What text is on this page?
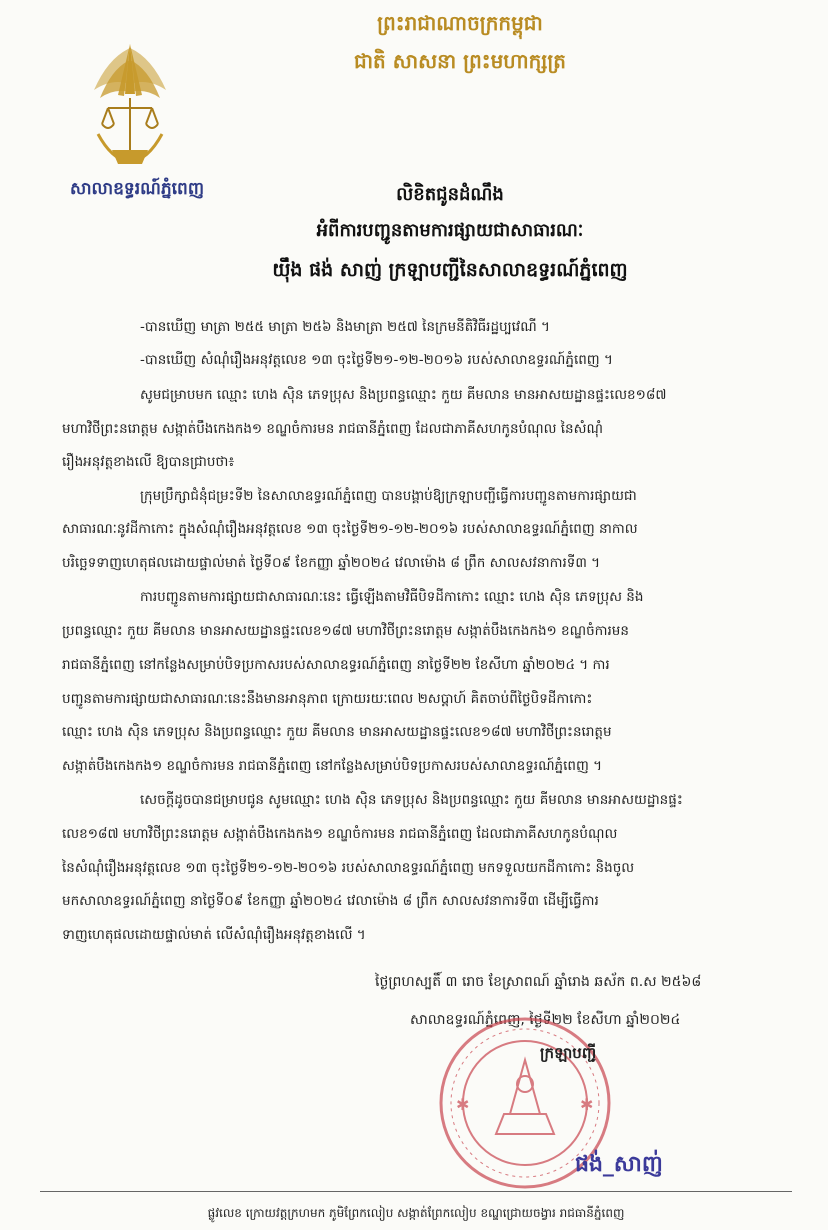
ព្រះរាជាណាចក្រកម្ពុជា
ជាតិ សាសនា ព្រះមហាក្សត្រ
សាលាឧទ្ធរណ៍ភ្នំពេញ	លិខិតជូនដំណឹង
អំពីការបញ្ជូនតាមការផ្សាយជាសាធារណៈ
យ៉ឹង ផង់ សាញ់ ក្រឡាបញ្ជីនៃសាលាឧទ្ធរណ៍ភ្នំពេញ
-បានឃើញ មាត្រា ២៥៥ មាត្រា ២៥៦ និងមាត្រា ២៥៧ នៃក្រមនីតិវិធីរដ្ឋប្បវេណី ។
-បានឃើញ សំណុំរឿងអនុវត្តលេខ ១៣ ចុះថ្ងៃទី២១-១២-២០១៦ របស់សាលាឧទ្ធរណ៍ភ្នំពេញ ។
សូមជម្រាបមក ឈ្មោះ ហេង ស៊ិន ភេទប្រុស និងប្រពន្ធឈ្មោះ កួយ គីមលាន មានអាសយដ្ឋានផ្ទះលេខ១៨៧
មហាវិថីព្រះនរោត្តម សង្កាត់បឹងកេងកង១ ខណ្ឌចំការមន រាជធានីភ្នំពេញ ដែលជាភាគីសហកូនបំណុល នៃសំណុំ
រឿងអនុវត្តខាងលើ ឱ្យបានជ្រាបថា៖
ក្រុមប្រឹក្សាជំនុំជម្រះទី២ នៃសាលាឧទ្ធរណ៍ភ្នំពេញ បានបង្គាប់ឱ្យក្រឡាបញ្ជីធ្វើការបញ្ជូនតាមការផ្សាយជា
សាធារណៈនូវដីកាកោះ ក្នុងសំណុំរឿងអនុវត្តលេខ ១៣ ចុះថ្ងៃទី២១-១២-២០១៦ របស់សាលាឧទ្ធរណ៍ភ្នំពេញ នាកាល
បរិច្ឆេទទាញហេតុផលដោយផ្ទាល់មាត់ ថ្ងៃទី០៩ ខែកញ្ញា ឆ្នាំ២០២៤ វេលាម៉ោង ៨ ព្រឹក សាលសវនាការទី៣ ។
ការបញ្ជូនតាមការផ្សាយជាសាធារណៈនេះ ធ្វើឡើងតាមវិធីបិទដីកាកោះ ឈ្មោះ ហេង ស៊ិន ភេទប្រុស និង
ប្រពន្ធឈ្មោះ កួយ គីមលាន មានអាសយដ្ឋានផ្ទះលេខ១៨៧ មហាវិថីព្រះនរោត្តម សង្កាត់បឹងកេងកង១ ខណ្ឌចំការមន
រាជធានីភ្នំពេញ នៅកន្លែងសម្រាប់បិទប្រកាសរបស់សាលាឧទ្ធរណ៍ភ្នំពេញ នាថ្ងៃទី២២ ខែសីហា ឆ្នាំ២០២៤ ។ ការ
បញ្ជូនតាមការផ្សាយជាសាធារណៈនេះនឹងមានអានុភាព ក្រោយរយៈពេល ២សប្តាហ៍ គិតចាប់ពីថ្ងៃបិទដីកាកោះ
ឈ្មោះ ហេង ស៊ិន ភេទប្រុស និងប្រពន្ធឈ្មោះ កួយ គីមលាន មានអាសយដ្ឋានផ្ទះលេខ១៨៧ មហាវិថីព្រះនរោត្តម
សង្កាត់បឹងកេងកង១ ខណ្ឌចំការមន រាជធានីភ្នំពេញ នៅកន្លែងសម្រាប់បិទប្រកាសរបស់សាលាឧទ្ធរណ៍ភ្នំពេញ ។
សេចក្តីដូចបានជម្រាបជូន សូមឈ្មោះ ហេង ស៊ិន ភេទប្រុស និងប្រពន្ធឈ្មោះ កួយ គីមលាន មានអាសយដ្ឋានផ្ទះ
លេខ១៨៧ មហាវិថីព្រះនរោត្តម សង្កាត់បឹងកេងកង១ ខណ្ឌចំការមន រាជធានីភ្នំពេញ ដែលជាភាគីសហកូនបំណុល
នៃសំណុំរឿងអនុវត្តលេខ ១៣ ចុះថ្ងៃទី២១-១២-២០១៦ របស់សាលាឧទ្ធរណ៍ភ្នំពេញ មកទទួលយកដីកាកោះ និងចូល
មកសាលាឧទ្ធរណ៍ភ្នំពេញ នាថ្ងៃទី០៩ ខែកញ្ញា ឆ្នាំ២០២៤ វេលាម៉ោង ៨ ព្រឹក សាលសវនាការទី៣ ដើម្បីធ្វើការ
ទាញហេតុផលដោយផ្ទាល់មាត់ លើសំណុំរឿងអនុវត្តខាងលើ ។
ថ្ងៃព្រហស្បតិ៍ ៣ រោច ខែស្រាពណ៍ ឆ្នាំរោង ឆស័ក ព.ស ២៥៦៨
សាលាឧទ្ធរណ៍ភ្នំពេញ, ថ្ងៃទី២២ ខែសីហា ឆ្នាំ២០២៤
✱	✱
ក្រឡាបញ្ជី
ផង់_សាញ់
ផ្លូវលេខ ក្រោយវត្តក្រហមក ភូមិព្រែកលៀប សង្កាត់ព្រែកលៀប ខណ្ឌជ្រោយចង្វារ រាជធានីភ្នំពេញ
